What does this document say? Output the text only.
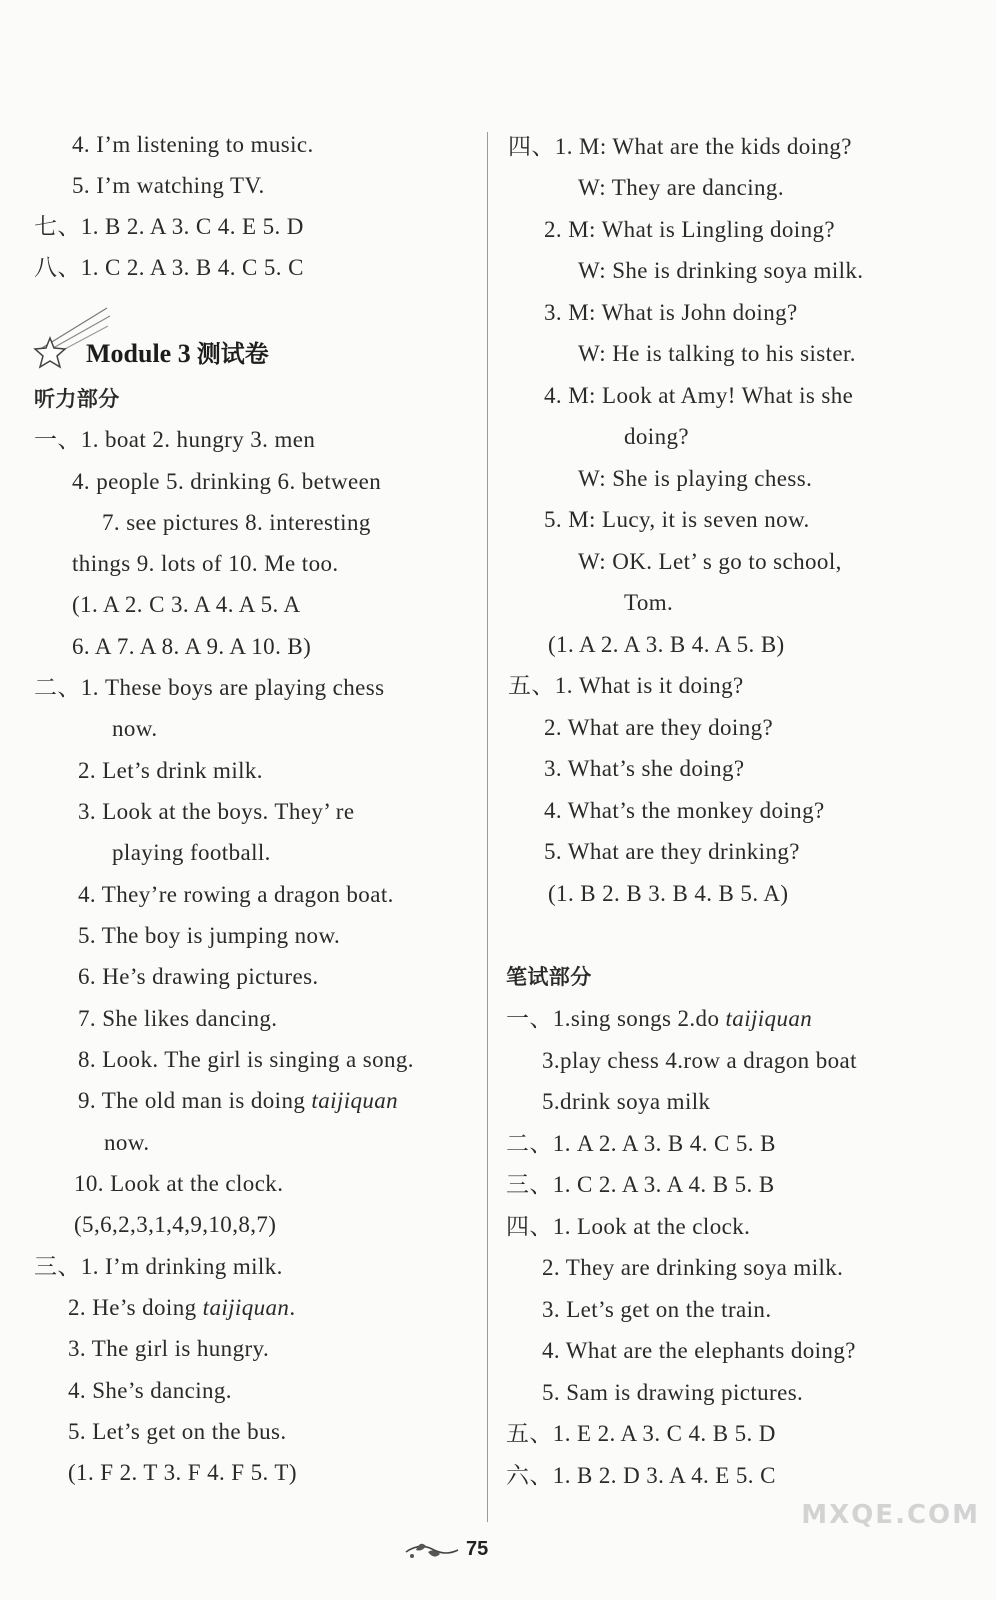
Module 3 测试卷
4. I’m listening to music.
5. I’m watching TV.
七、1. B 2. A 3. C 4. E 5. D
八、1. C 2. A 3. B 4. C 5. C
听力部分
一、1. boat 2. hungry 3. men
4. people 5. drinking 6. between
7. see pictures 8. interesting
things 9. lots of 10. Me too.
(1. A 2. C 3. A 4. A 5. A
6. A 7. A 8. A 9. A 10. B)
二、1. These boys are playing chess
now.
2. Let’s drink milk.
3. Look at the boys. They’ re
playing football.
4. They’re rowing a dragon boat.
5. The boy is jumping now.
6. He’s drawing pictures.
7. She likes dancing.
8. Look. The girl is singing a song.
9. The old man is doing taijiquan
now.
10. Look at the clock.
(5,6,2,3,1,4,9,10,8,7)
三、1. I’m drinking milk.
2. He’s doing taijiquan.
3. The girl is hungry.
4. She’s dancing.
5. Let’s get on the bus.
(1. F 2. T 3. F 4. F 5. T)
四、1. M: What are the kids doing?
W: They are dancing.
2. M: What is Lingling doing?
W: She is drinking soya milk.
3. M: What is John doing?
W: He is talking to his sister.
4. M: Look at Amy! What is she
doing?
W: She is playing chess.
5. M: Lucy, it is seven now.
W: OK. Let’ s go to school,
Tom.
(1. A 2. A 3. B 4. A 5. B)
五、1. What is it doing?
2. What are they doing?
3. What’s she doing?
4. What’s the monkey doing?
5. What are they drinking?
(1. B 2. B 3. B 4. B 5. A)
笔试部分
一、1.sing songs 2.do taijiquan
3.play chess 4.row a dragon boat
5.drink soya milk
二、1. A 2. A 3. B 4. C 5. B
三、1. C 2. A 3. A 4. B 5. B
四、1. Look at the clock.
2. They are drinking soya milk.
3. Let’s get on the train.
4. What are the elephants doing?
5. Sam is drawing pictures.
五、1. E 2. A 3. C 4. B 5. D
六、1. B 2. D 3. A 4. E 5. C
75
MXQE.COM
